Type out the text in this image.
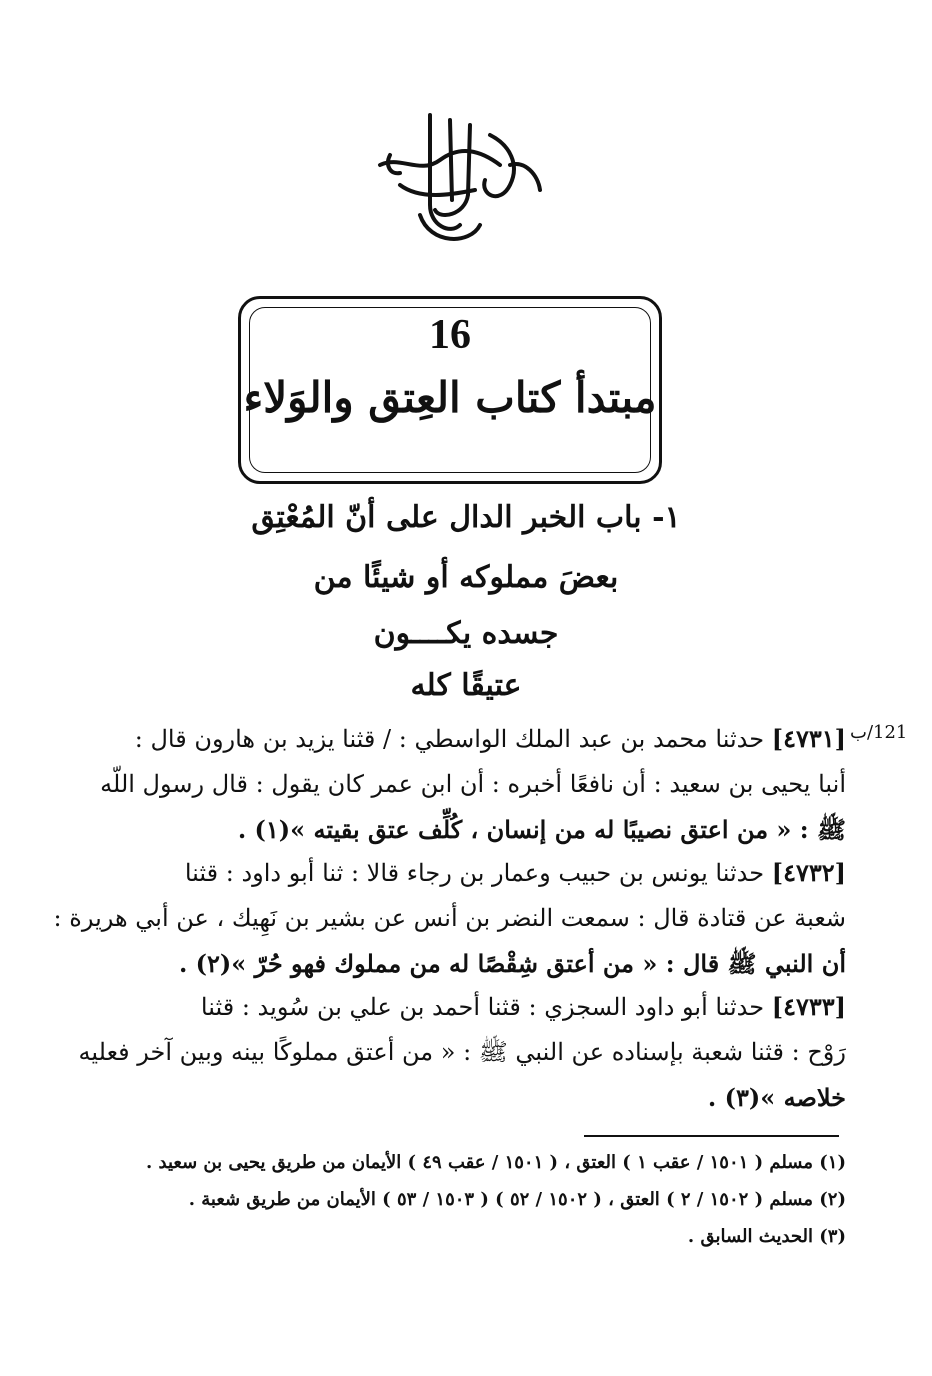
16
مبتدأ كتاب العِتق والوَلاء
١- باب الخبر الدال على أنّ المُعْتِق
بعضَ مملوكه أو شيئًا من
جسده يكــــون
عتيقًا كله
121/ب
[٤٧٣١] حدثنا محمد بن عبد الملك الواسطي : / قثنا يزيد بن هارون قال :
أنبا يحيى بن سعيد : أن نافعًا أخبره : أن ابن عمر كان يقول : قال رسول اللّه
ﷺ : « من اعتق نصيبًا له من إنسان ، كُلِّف عتق بقيته »(١) .
[٤٧٣٢] حدثنا يونس بن حبيب وعمار بن رجاء قالا : ثنا أبو داود : قثنا
شعبة عن قتادة قال : سمعت النضر بن أنس عن بشير بن نَهِيك ، عن أبي هريرة :
أن النبي ﷺ قال : « من أعتق شِقْصًا له من مملوك فهو حُرّ »(٢) .
[٤٧٣٣] حدثنا أبو داود السجزي : قثنا أحمد بن علي بن سُويد : قثنا
رَوْح : قثنا شعبة بإسناده عن النبي ﷺ : « من أعتق مملوكًا بينه وبين آخر فعليه
خلاصه »(٣) .
(١) مسلم ( ١٥٠١ / عقب ١ ) العتق ، ( ١٥٠١ / عقب ٤٩ ) الأيمان من طريق يحيى بن سعيد .
(٢) مسلم ( ١٥٠٢ / ٢ ) العتق ، ( ١٥٠٢ / ٥٢ ) ( ١٥٠٣ / ٥٣ ) الأيمان من طريق شعبة .
(٣) الحديث السابق .
